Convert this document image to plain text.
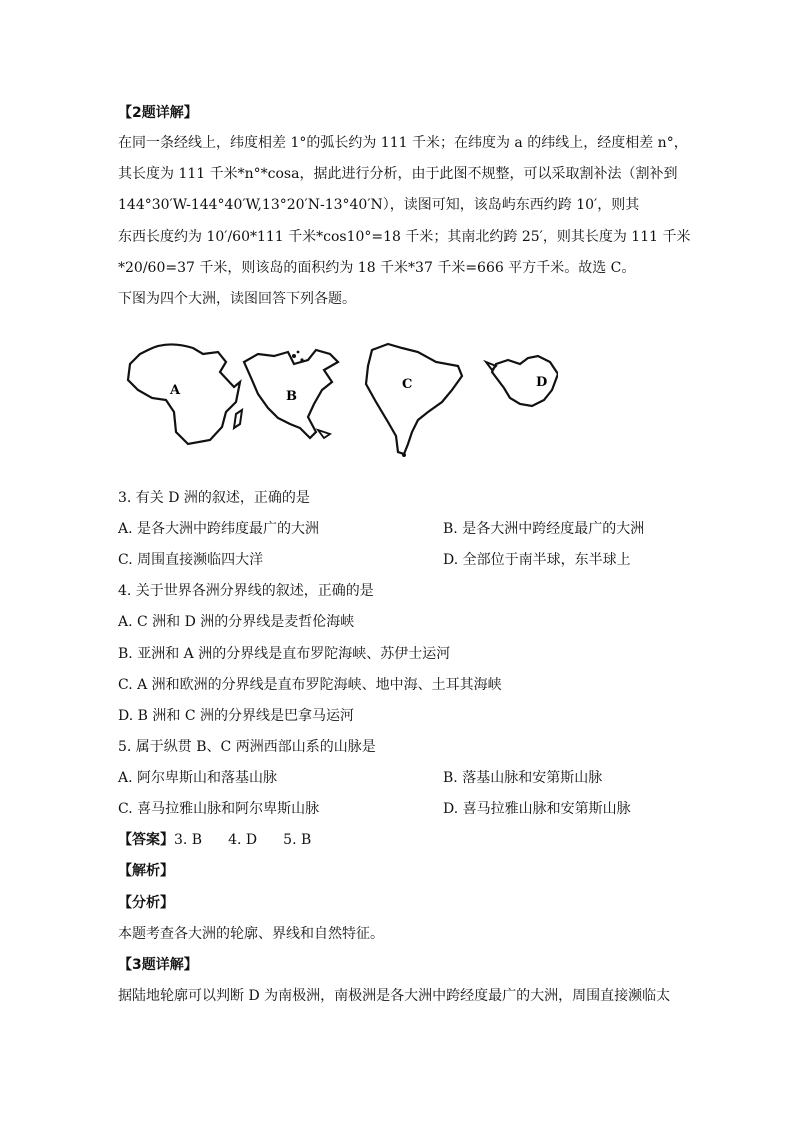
【2题详解】
在同一条经线上，纬度相差 1°的弧长约为 111 千米；在纬度为 a 的纬线上，经度相差 n°，
其长度为 111 千米*n°*cosa，据此进行分析，由于此图不规整，可以采取割补法（割补到
144°30′W-144°40′W,13°20′N-13°40′N），读图可知，该岛屿东西约跨 10′，则其
东西长度约为 10′/60*111 千米*cos10°=18 千米；其南北约跨 25′，则其长度为 111 千米
*20/60=37 千米，则该岛的面积约为 18 千米*37 千米=666 平方千米。故选 C。
下图为四个大洲，读图回答下列各题。
A	B
C	D
3. 有关 D 洲的叙述，正确的是
A. 是各大洲中跨纬度最广的大洲	B. 是各大洲中跨经度最广的大洲
C. 周围直接濒临四大洋	D. 全部位于南半球，东半球上
4. 关于世界各洲分界线的叙述，正确的是
A. C 洲和 D 洲的分界线是麦哲伦海峡
B. 亚洲和 A 洲的分界线是直布罗陀海峡、苏伊士运河
C. A 洲和欧洲的分界线是直布罗陀海峡、地中海、土耳其海峡
D. B 洲和 C 洲的分界线是巴拿马运河
5. 属于纵贯 B、C 两洲西部山系的山脉是
A. 阿尔卑斯山和落基山脉	B. 落基山脉和安第斯山脉
C. 喜马拉雅山脉和阿尔卑斯山脉	D. 喜马拉雅山脉和安第斯山脉
【答案】3. B 4. D 5. B
【解析】
【分析】
本题考查各大洲的轮廓、界线和自然特征。
【3题详解】
据陆地轮廓可以判断 D 为南极洲，南极洲是各大洲中跨经度最广的大洲，周围直接濒临太
